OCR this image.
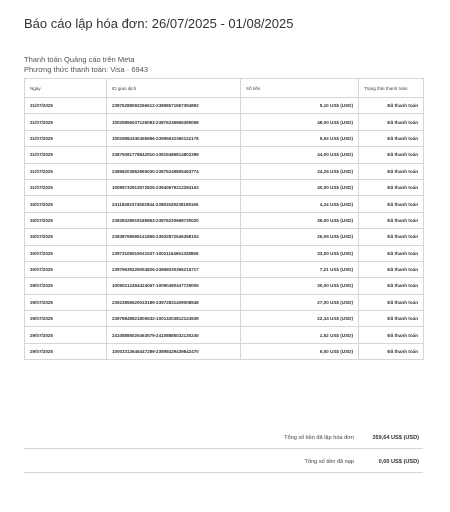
Báo cáo lập hóa đơn: 26/07/2025 - 01/08/2025
Thanh toán Quảng cáo trên Meta
Phương thức thanh toán: Visa · 6943
Ngày	ID giao dịch	Số tiền	Trạng thái thanh toán
31/07/2025	23876288092266612-23898571967394892	5,10 US$ (USD)	Đã thanh toán
31/07/2025	10029856037126083-23876236965395058	48,00 US$ (USD)	Đã thanh toán
31/07/2025	10029884340456886-23995632360122178	5,93 US$ (USD)	Đã thanh toán
31/07/2025	23875091778842910-23915486814803399	44,00 US$ (USD)	Đã thanh toán
31/07/2025	23868203862865030-23875249805493774	24,25 US$ (USD)	Đã thanh toán
31/07/2025	10099732913572825-23940679212284163	40,00 US$ (USD)	Đã thanh toán
30/07/2025	24118492374502844-23981529238199165	4,24 US$ (USD)	Đã thanh toán
30/07/2025	23938328919185863-23876220668730020	36,00 US$ (USD)	Đã thanh toán
30/07/2025	23938768599141895-23932872646398153	26,05 US$ (USD)	Đã thanh toán
30/07/2025	23973105519041537-10021164651328855	33,00 US$ (USD)	Đã thanh toán
30/07/2025	23979639225054825-23868030366215717	7,21 US$ (USD)	Đã thanh toán
29/07/2025	10090212494424067-10090490447729005	30,00 US$ (USD)	Đã thanh toán
29/07/2025	23923855620033189-23972831409008948	27,00 US$ (USD)	Đã thanh toán
29/07/2025	23978848821806532-10013203812124939	22,34 US$ (USD)	Đã thanh toán
29/07/2025	24108885025463579-24108885032130245	1,52 US$ (USD)	Đã thanh toán
29/07/2025	10003313645447289-23898429439842470	5,00 US$ (USD)	Đã thanh toán
Tổng số tiền đã lập hóa đơn	359,64 US$ (USD)
Tổng số tiền đã nạp	0,00 US$ (USD)
